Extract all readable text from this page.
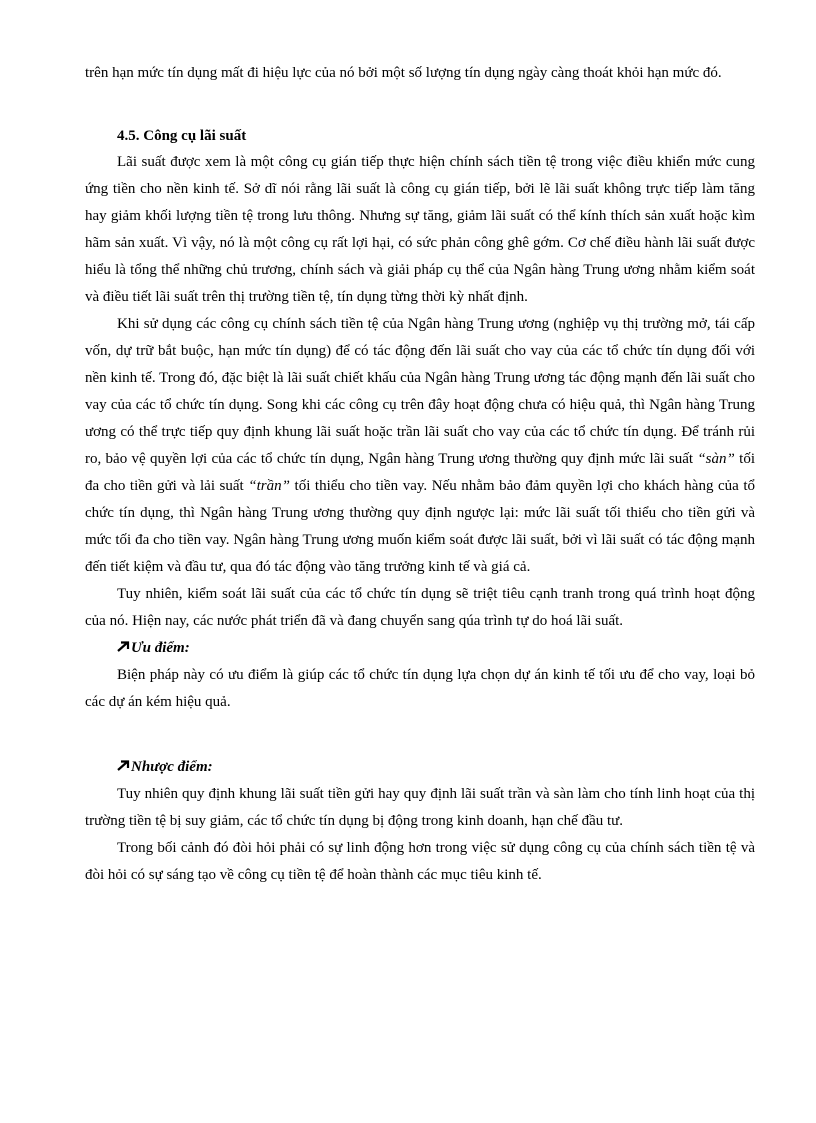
trên hạn mức tín dụng mất đi hiệu lực của nó bởi một số lượng tín dụng ngày càng thoát khỏi hạn mức đó.

4.5. Công cụ lãi suất

Lãi suất được xem là một công cụ gián tiếp thực hiện chính sách tiền tệ trong việc điều khiển mức cung ứng tiền cho nền kinh tế. Sở dĩ nói rằng lãi suất là công cụ gián tiếp, bởi lẽ lãi suất không trực tiếp làm tăng hay giảm khối lượng tiền tệ trong lưu thông. Nhưng sự tăng, giảm lãi suất có thể kính thích sản xuất hoặc kìm hãm sản xuất. Vì vậy, nó là một công cụ rất lợi hại, có sức phản công ghê gớm. Cơ chế điều hành lãi suất được hiểu là tổng thể những chủ trương, chính sách và giải pháp cụ thể của Ngân hàng Trung ương nhằm kiểm soát và điều tiết lãi suất trên thị trường tiền tệ, tín dụng từng thời kỳ nhất định.

Khi sử dụng các công cụ chính sách tiền tệ của Ngân hàng Trung ương (nghiệp vụ thị trường mở, tái cấp vốn, dự trữ bắt buộc, hạn mức tín dụng) để có tác động đến lãi suất cho vay của các tổ chức tín dụng đối với nền kinh tế. Trong đó, đặc biệt là lãi suất chiết khấu của Ngân hàng Trung ương tác động mạnh đến lãi suất cho vay của các tổ chức tín dụng. Song khi các công cụ trên đây hoạt động chưa có hiệu quả, thì Ngân hàng Trung ương có thể trực tiếp quy định khung lãi suất hoặc trần lãi suất cho vay của các tổ chức tín dụng. Để tránh rủi ro, bảo vệ quyền lợi của các tổ chức tín dụng, Ngân hàng Trung ương thường quy định mức lãi suất “sàn” tối đa cho tiền gửi và lải suất “trần” tối thiểu cho tiền vay. Nếu nhằm bảo đảm quyền lợi cho khách hàng của tổ chức tín dụng, thì Ngân hàng Trung ương thường quy định ngược lại: mức lãi suất tối thiểu cho tiền gửi và mức tối đa cho tiền vay. Ngân hàng Trung ương muốn kiểm soát được lãi suất, bởi vì lãi suất có tác động mạnh đến tiết kiệm và đầu tư, qua đó tác động vào tăng trưởng kinh tế và giá cả.

Tuy nhiên, kiểm soát lãi suất của các tổ chức tín dụng sẽ triệt tiêu cạnh tranh trong quá trình hoạt động của nó. Hiện nay, các nước phát triển đã và đang chuyển sang qúa trình tự do hoá lãi suất.

Ưu điểm:

Biện pháp này có ưu điểm là giúp các tổ chức tín dụng lựa chọn dự án kinh tế tối ưu để cho vay, loại bỏ các dự án kém hiệu quả.

Nhược điểm:

Tuy nhiên quy định khung lãi suất tiền gửi hay quy định lãi suất trần và sàn làm cho tính linh hoạt của thị trường tiền tệ bị suy giảm, các tổ chức tín dụng bị động trong kinh doanh, hạn chế đầu tư.

Trong bối cảnh đó đòi hỏi phải có sự linh động hơn trong việc sử dụng công cụ của chính sách tiền tệ và đòi hỏi có sự sáng tạo về công cụ tiền tệ để hoàn thành các mục tiêu kinh tế.
